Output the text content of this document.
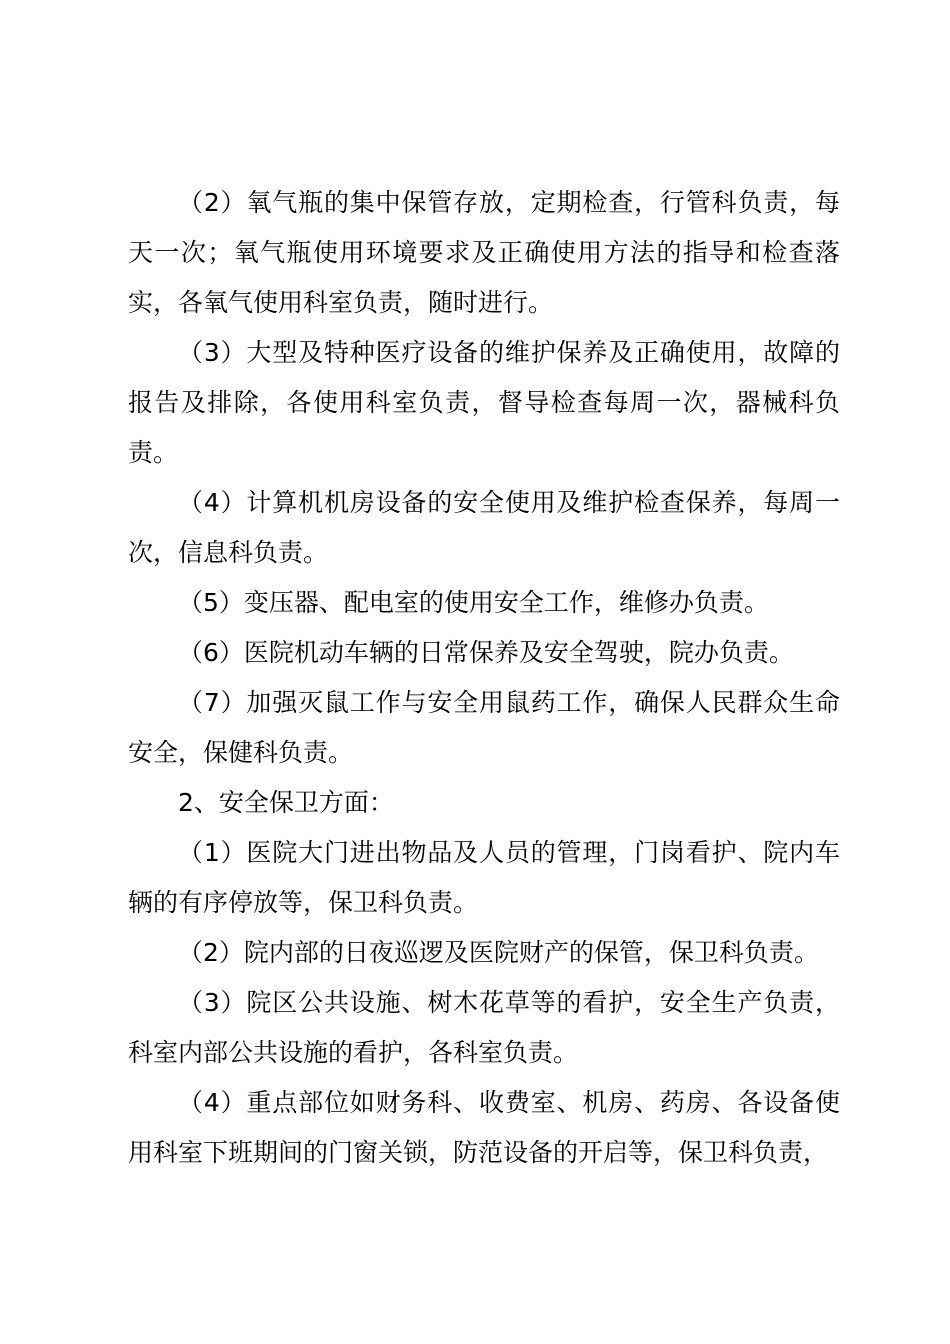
（2）氧气瓶的集中保管存放，定期检查，行管科负责，每天一次；氧气瓶使用环境要求及正确使用方法的指导和检查落实，各氧气使用科室负责，随时进行。

（3）大型及特种医疗设备的维护保养及正确使用，故障的报告及排除，各使用科室负责，督导检查每周一次，器械科负责。

（4）计算机机房设备的安全使用及维护检查保养，每周一次，信息科负责。

（5）变压器、配电室的使用安全工作，维修办负责。

（6）医院机动车辆的日常保养及安全驾驶，院办负责。

（7）加强灭鼠工作与安全用鼠药工作，确保人民群众生命安全，保健科负责。

2、安全保卫方面：

（1）医院大门进出物品及人员的管理，门岗看护、院内车辆的有序停放等，保卫科负责。

（2）院内部的日夜巡逻及医院财产的保管，保卫科负责。

（3）院区公共设施、树木花草等的看护，安全生产负责，科室内部公共设施的看护，各科室负责。

（4）重点部位如财务科、收费室、机房、药房、各设备使用科室下班期间的门窗关锁，防范设备的开启等，保卫科负责，
